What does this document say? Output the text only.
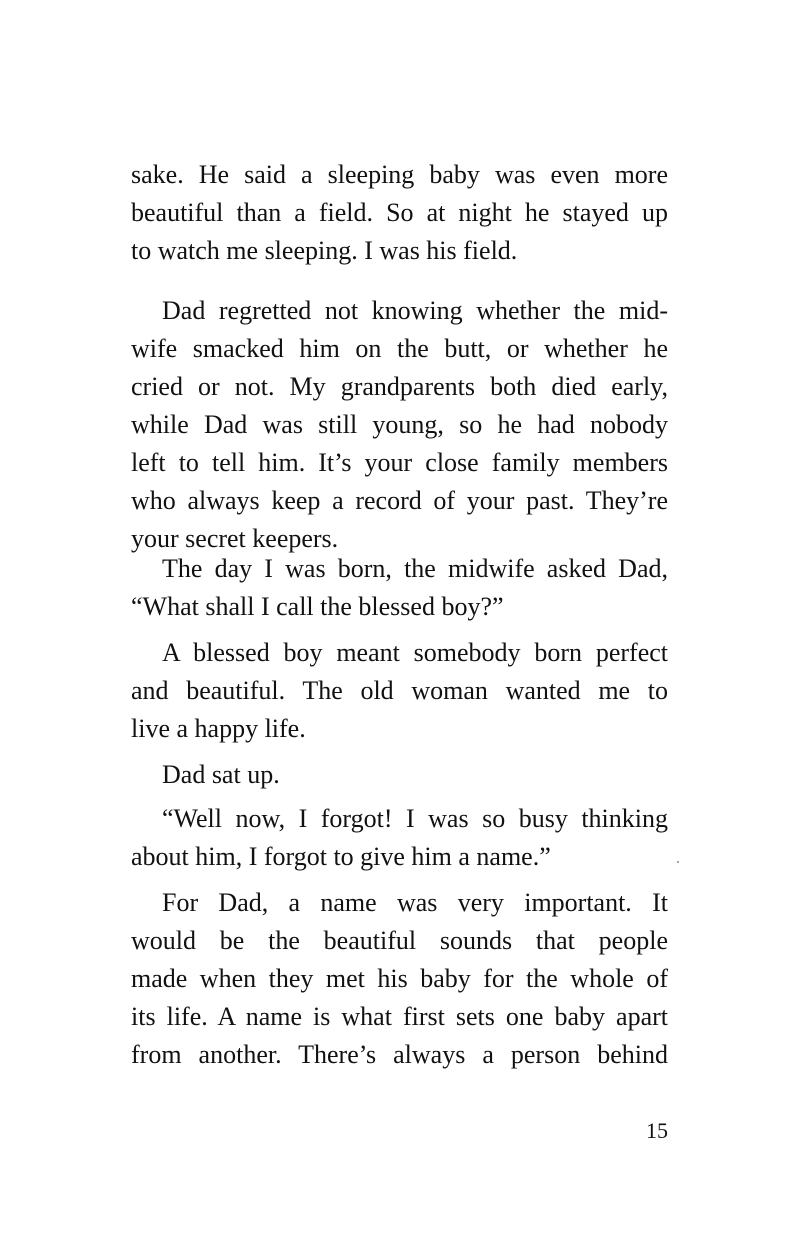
sake. He said a sleeping baby was even more
beautiful than a field. So at night he stayed up
to watch me sleeping. I was his field.
Dad regretted not knowing whether the mid-
wife smacked him on the butt, or whether he
cried or not. My grandparents both died early,
while Dad was still young, so he had nobody
left to tell him. It’s your close family members
who always keep a record of your past. They’re
your secret keepers.
The day I was born, the midwife asked Dad,
“What shall I call the blessed boy?”
A blessed boy meant somebody born perfect
and beautiful. The old woman wanted me to
live a happy life.
Dad sat up.
“Well now, I forgot! I was so busy thinking
about him, I forgot to give him a name.”
For Dad, a name was very important. It
would be the beautiful sounds that people
made when they met his baby for the whole of
its life. A name is what first sets one baby apart
from another. There’s always a person behind
15
